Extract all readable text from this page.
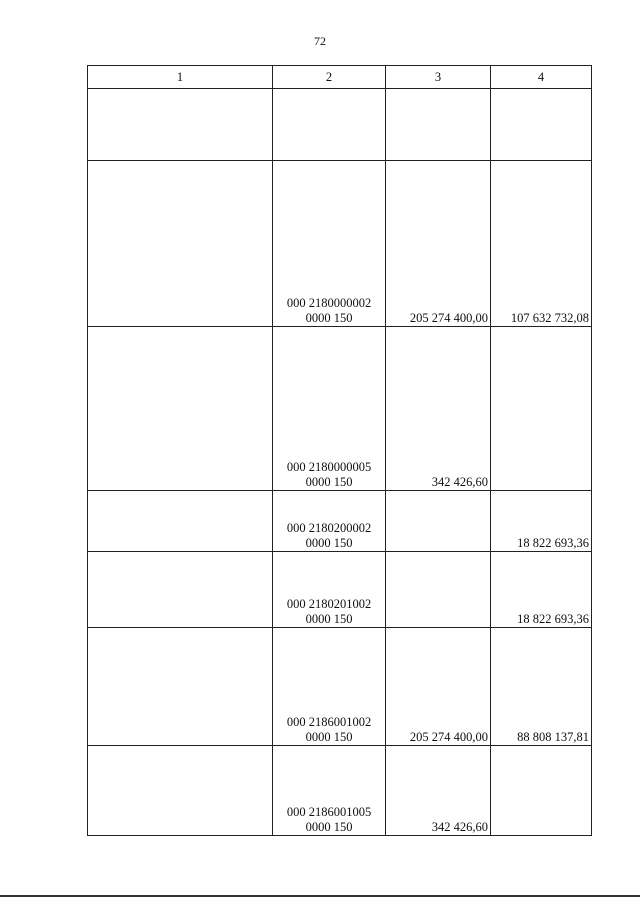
72
1	2	3	4

	000 2180000002
0000 150	205 274 400,00	107 632 732,08
	000 2180000005
0000 150	342 426,60	
	000 2180200002
0000 150		18 822 693,36
	000 2180201002
0000 150		18 822 693,36
	000 2186001002
0000 150	205 274 400,00	88 808 137,81
	000 2186001005
0000 150	342 426,60	
